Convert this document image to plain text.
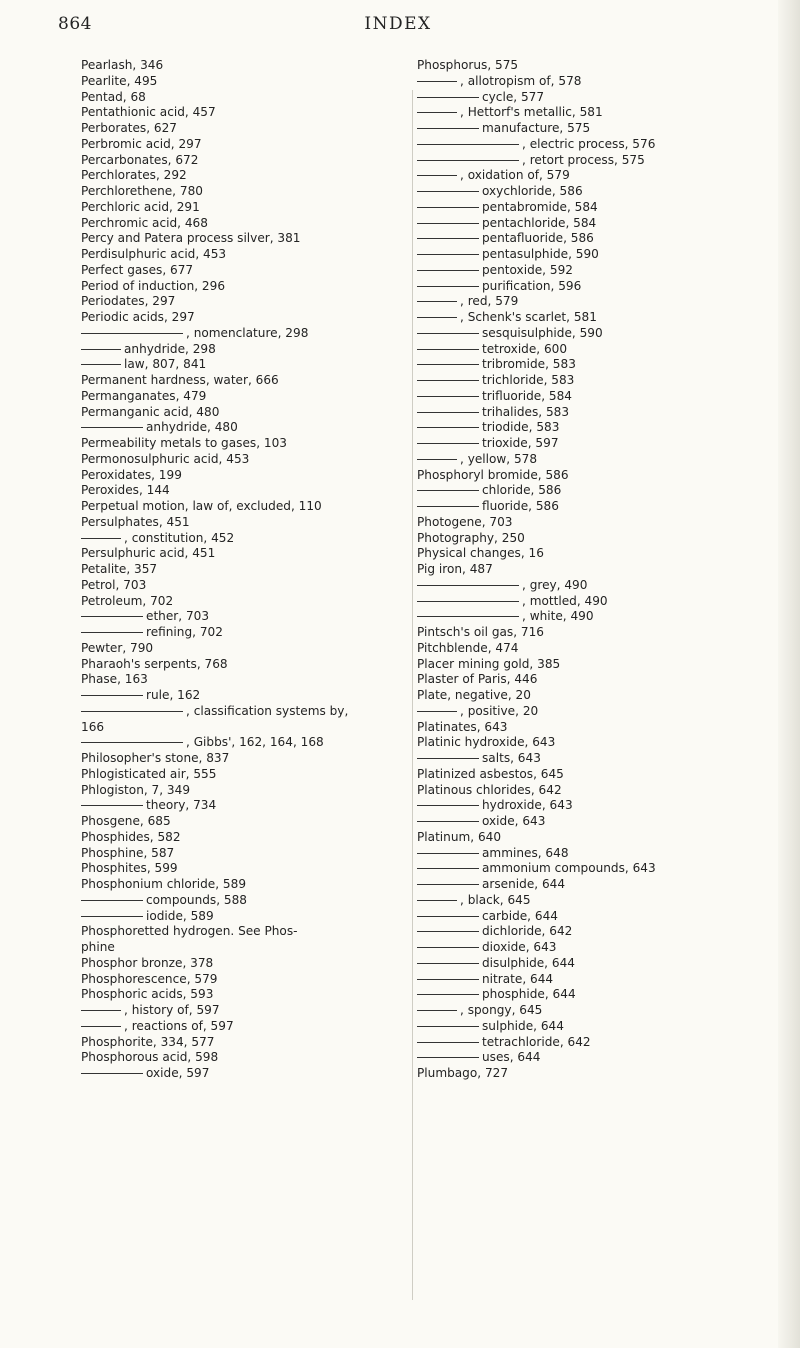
864	INDEX
Pearlash, 346
Pearlite, 495
Pentad, 68
Pentathionic acid, 457
Perborates, 627
Perbromic acid, 297
Percarbonates, 672
Perchlorates, 292
Perchlorethene, 780
Perchloric acid, 291
Perchromic acid, 468
Percy and Patera process silver, 381
Perdisulphuric acid, 453
Perfect gases, 677
Period of induction, 296
Periodates, 297
Periodic acids, 297
, nomenclature, 298
anhydride, 298
law, 807, 841
Permanent hardness, water, 666
Permanganates, 479
Permanganic acid, 480
anhydride, 480
Permeability metals to gases, 103
Permonosulphuric acid, 453
Peroxidates, 199
Peroxides, 144
Perpetual motion, law of, excluded, 110
Persulphates, 451
, constitution, 452
Persulphuric acid, 451
Petalite, 357
Petrol, 703
Petroleum, 702
ether, 703
refining, 702
Pewter, 790
Pharaoh's serpents, 768
Phase, 163
rule, 162
, classification systems by,
166
, Gibbs', 162, 164, 168
Philosopher's stone, 837
Phlogisticated air, 555
Phlogiston, 7, 349
theory, 734
Phosgene, 685
Phosphides, 582
Phosphine, 587
Phosphites, 599
Phosphonium chloride, 589
compounds, 588
iodide, 589
Phosphoretted hydrogen. See Phos-
phine
Phosphor bronze, 378
Phosphorescence, 579
Phosphoric acids, 593
, history of, 597
, reactions of, 597
Phosphorite, 334, 577
Phosphorous acid, 598
oxide, 597
Phosphorus, 575
, allotropism of, 578
cycle, 577
, Hettorf's metallic, 581
manufacture, 575
, electric process, 576
, retort process, 575
, oxidation of, 579
oxychloride, 586
pentabromide, 584
pentachloride, 584
pentafluoride, 586
pentasulphide, 590
pentoxide, 592
purification, 596
, red, 579
, Schenk's scarlet, 581
sesquisulphide, 590
tetroxide, 600
tribromide, 583
trichloride, 583
trifluoride, 584
trihalides, 583
triodide, 583
trioxide, 597
, yellow, 578
Phosphoryl bromide, 586
chloride, 586
fluoride, 586
Photogene, 703
Photography, 250
Physical changes, 16
Pig iron, 487
, grey, 490
, mottled, 490
, white, 490
Pintsch's oil gas, 716
Pitchblende, 474
Placer mining gold, 385
Plaster of Paris, 446
Plate, negative, 20
, positive, 20
Platinates, 643
Platinic hydroxide, 643
salts, 643
Platinized asbestos, 645
Platinous chlorides, 642
hydroxide, 643
oxide, 643
Platinum, 640
ammines, 648
ammonium compounds, 643
arsenide, 644
, black, 645
carbide, 644
dichloride, 642
dioxide, 643
disulphide, 644
nitrate, 644
phosphide, 644
, spongy, 645
sulphide, 644
tetrachloride, 642
uses, 644
Plumbago, 727
